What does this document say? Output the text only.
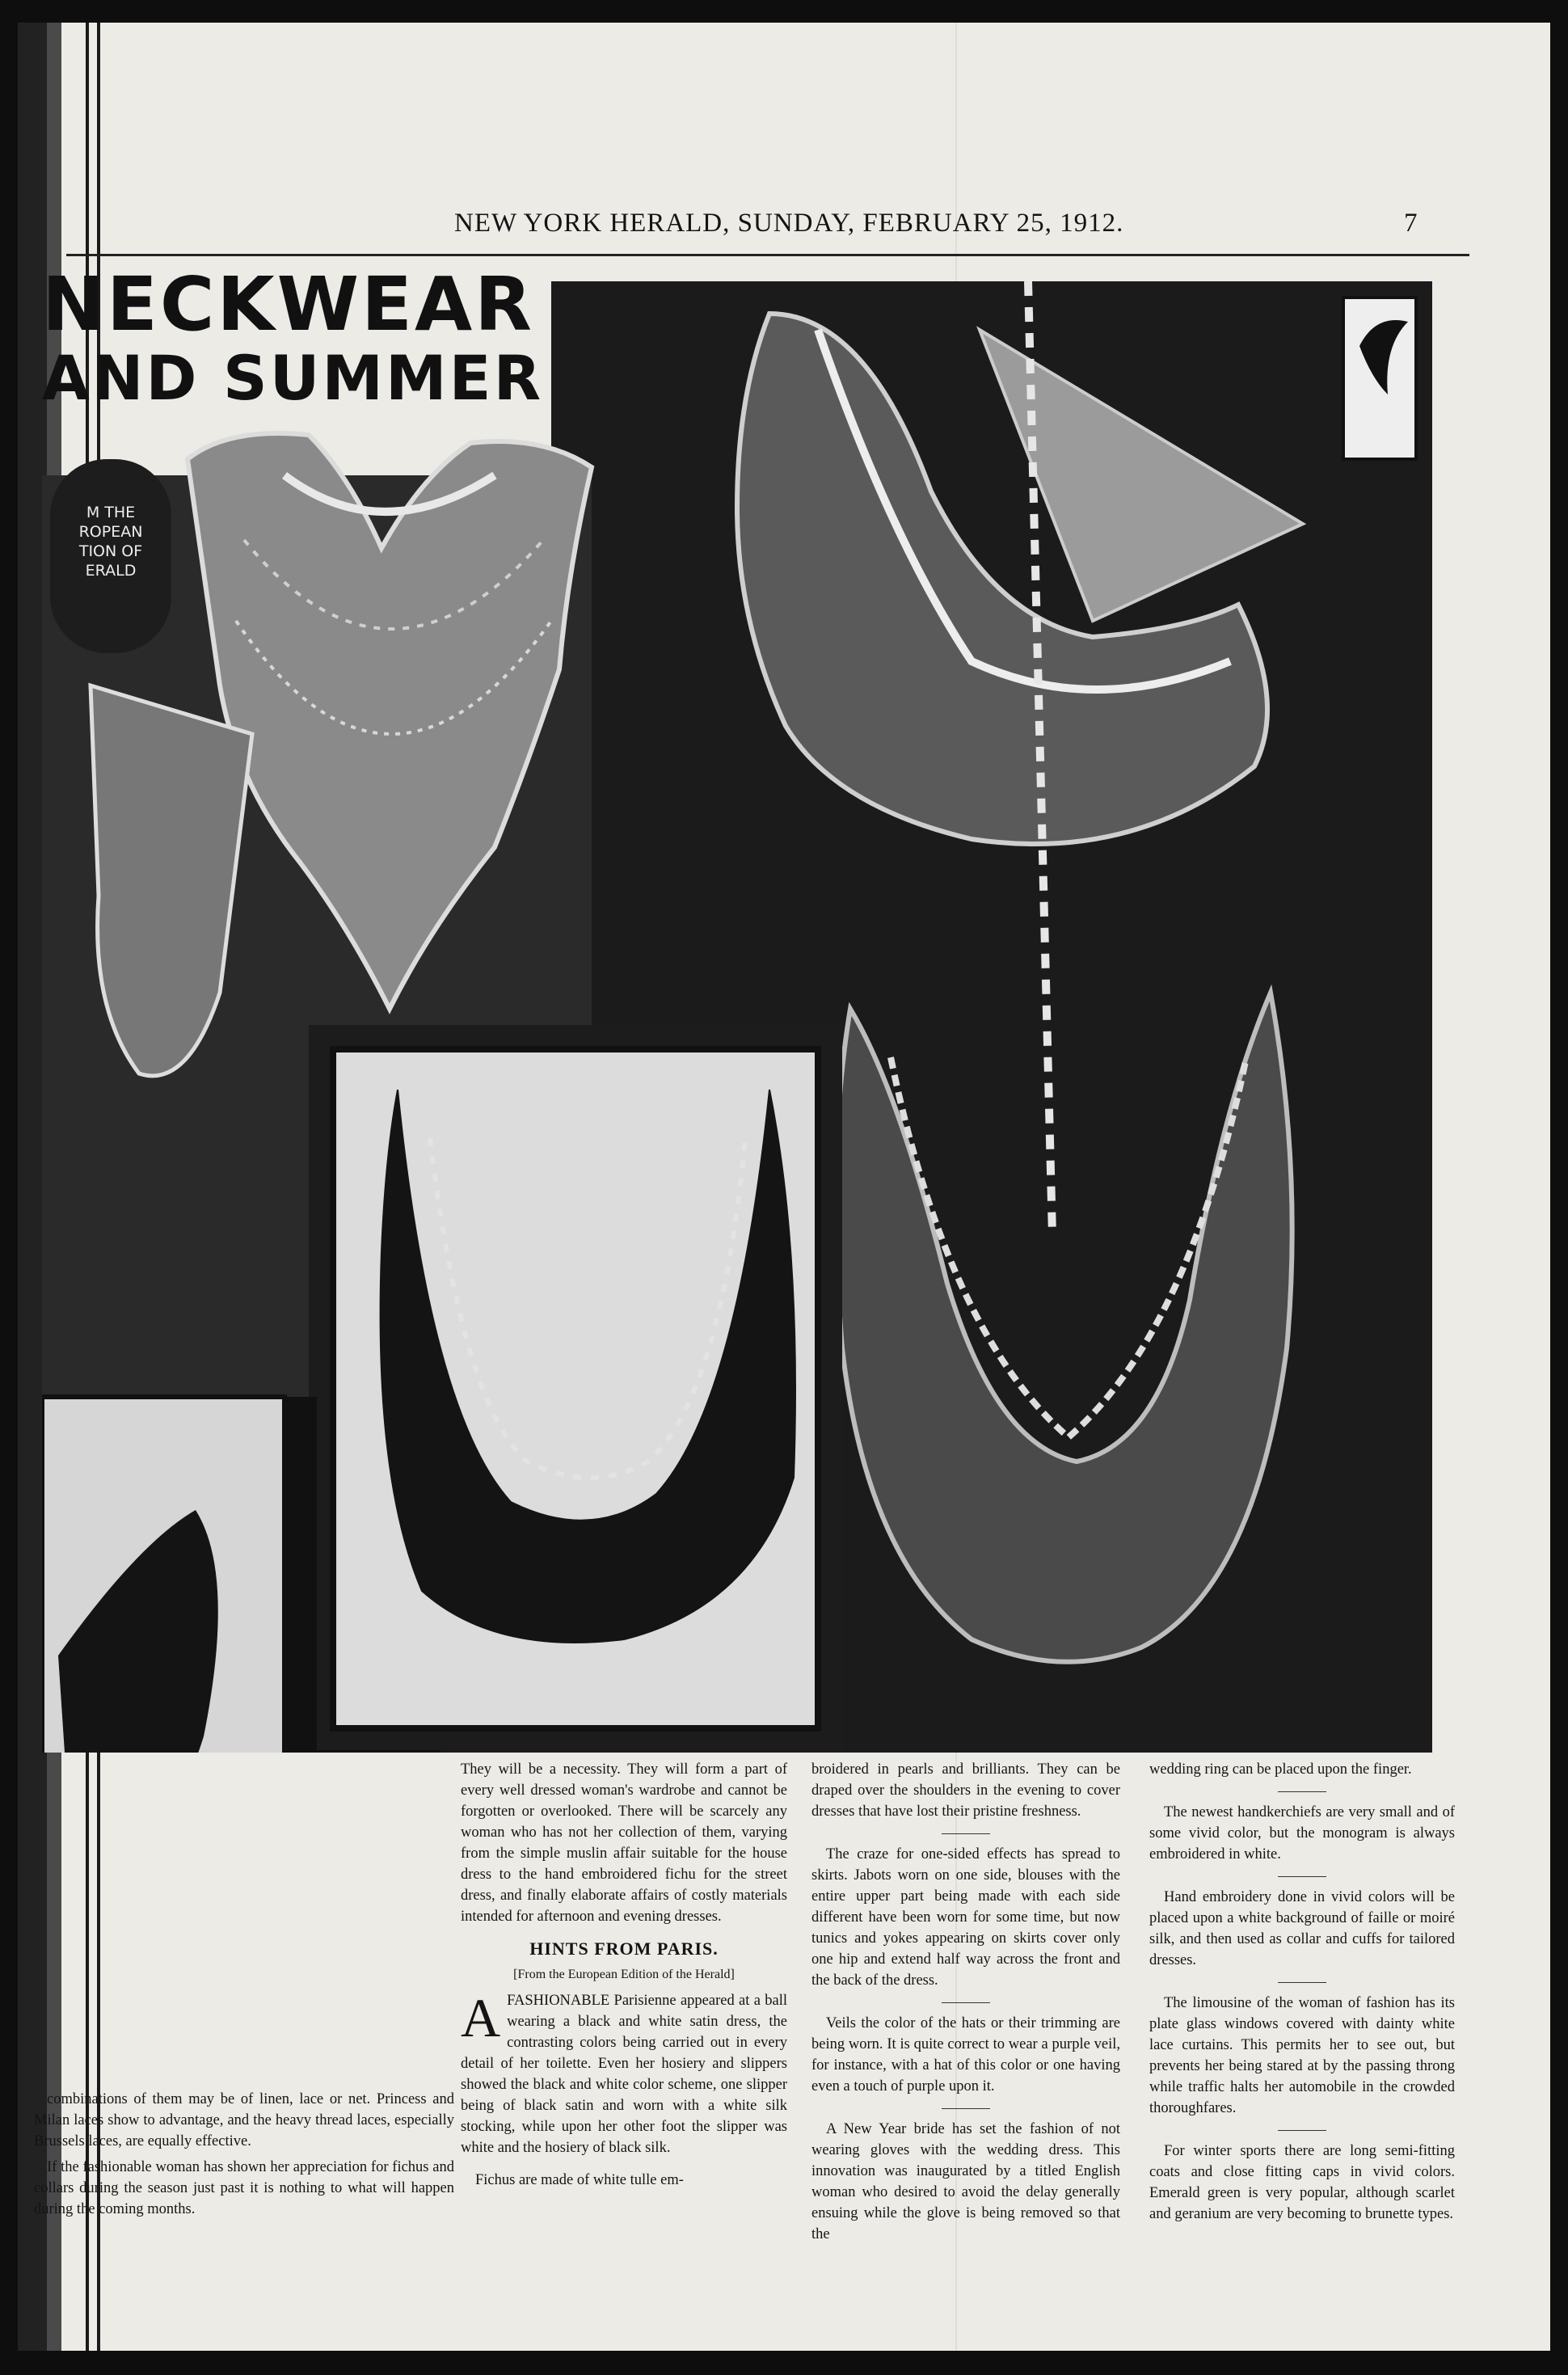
NEW YORK HERALD, SUNDAY, FEBRUARY 25, 1912.	7
NECKWEAR
AND SUMMER
M THE
ROPEAN
TION OF
ERALD

combinations of them may be of linen, lace or net. Princess and Milan laces show to advantage, and the heavy thread laces, especially Brussels laces, are equally effective.

If the fashionable woman has shown her appreciation for fichus and collars during the season just past it is nothing to what will happen during the coming months.

They will be a necessity. They will form a part of every well dressed woman's wardrobe and cannot be forgotten or overlooked. There will be scarcely any woman who has not her collection of them, varying from the simple muslin affair suitable for the house dress to the hand embroidered fichu for the street dress, and finally elaborate affairs of costly materials intended for afternoon and evening dresses.

HINTS FROM PARIS.
[From the European Edition of the Herald]

AFASHIONABLE Parisienne appeared at a ball wearing a black and white satin dress, the contrasting colors being carried out in every detail of her toilette. Even her hosiery and slippers showed the black and white color scheme, one slipper being of black satin and worn with a white silk stocking, while upon her other foot the slipper was white and the hosiery of black silk.

Fichus are made of white tulle em-

broidered in pearls and brilliants. They can be draped over the shoulders in the evening to cover dresses that have lost their pristine freshness.

The craze for one-sided effects has spread to skirts. Jabots worn on one side, blouses with the entire upper part being made with each side different have been worn for some time, but now tunics and yokes appearing on skirts cover only one hip and extend half way across the front and the back of the dress.

Veils the color of the hats or their trimming are being worn. It is quite correct to wear a purple veil, for instance, with a hat of this color or one having even a touch of purple upon it.

A New Year bride has set the fashion of not wearing gloves with the wedding dress. This innovation was inaugurated by a titled English woman who desired to avoid the delay generally ensuing while the glove is being removed so that the

wedding ring can be placed upon the finger.

The newest handkerchiefs are very small and of some vivid color, but the monogram is always embroidered in white.

Hand embroidery done in vivid colors will be placed upon a white background of faille or moiré silk, and then used as collar and cuffs for tailored dresses.

The limousine of the woman of fashion has its plate glass windows covered with dainty white lace curtains. This permits her to see out, but prevents her being stared at by the passing throng while traffic halts her automobile in the crowded thoroughfares.

For winter sports there are long semi-fitting coats and close fitting caps in vivid colors. Emerald green is very popular, although scarlet and geranium are very becoming to brunette types.
